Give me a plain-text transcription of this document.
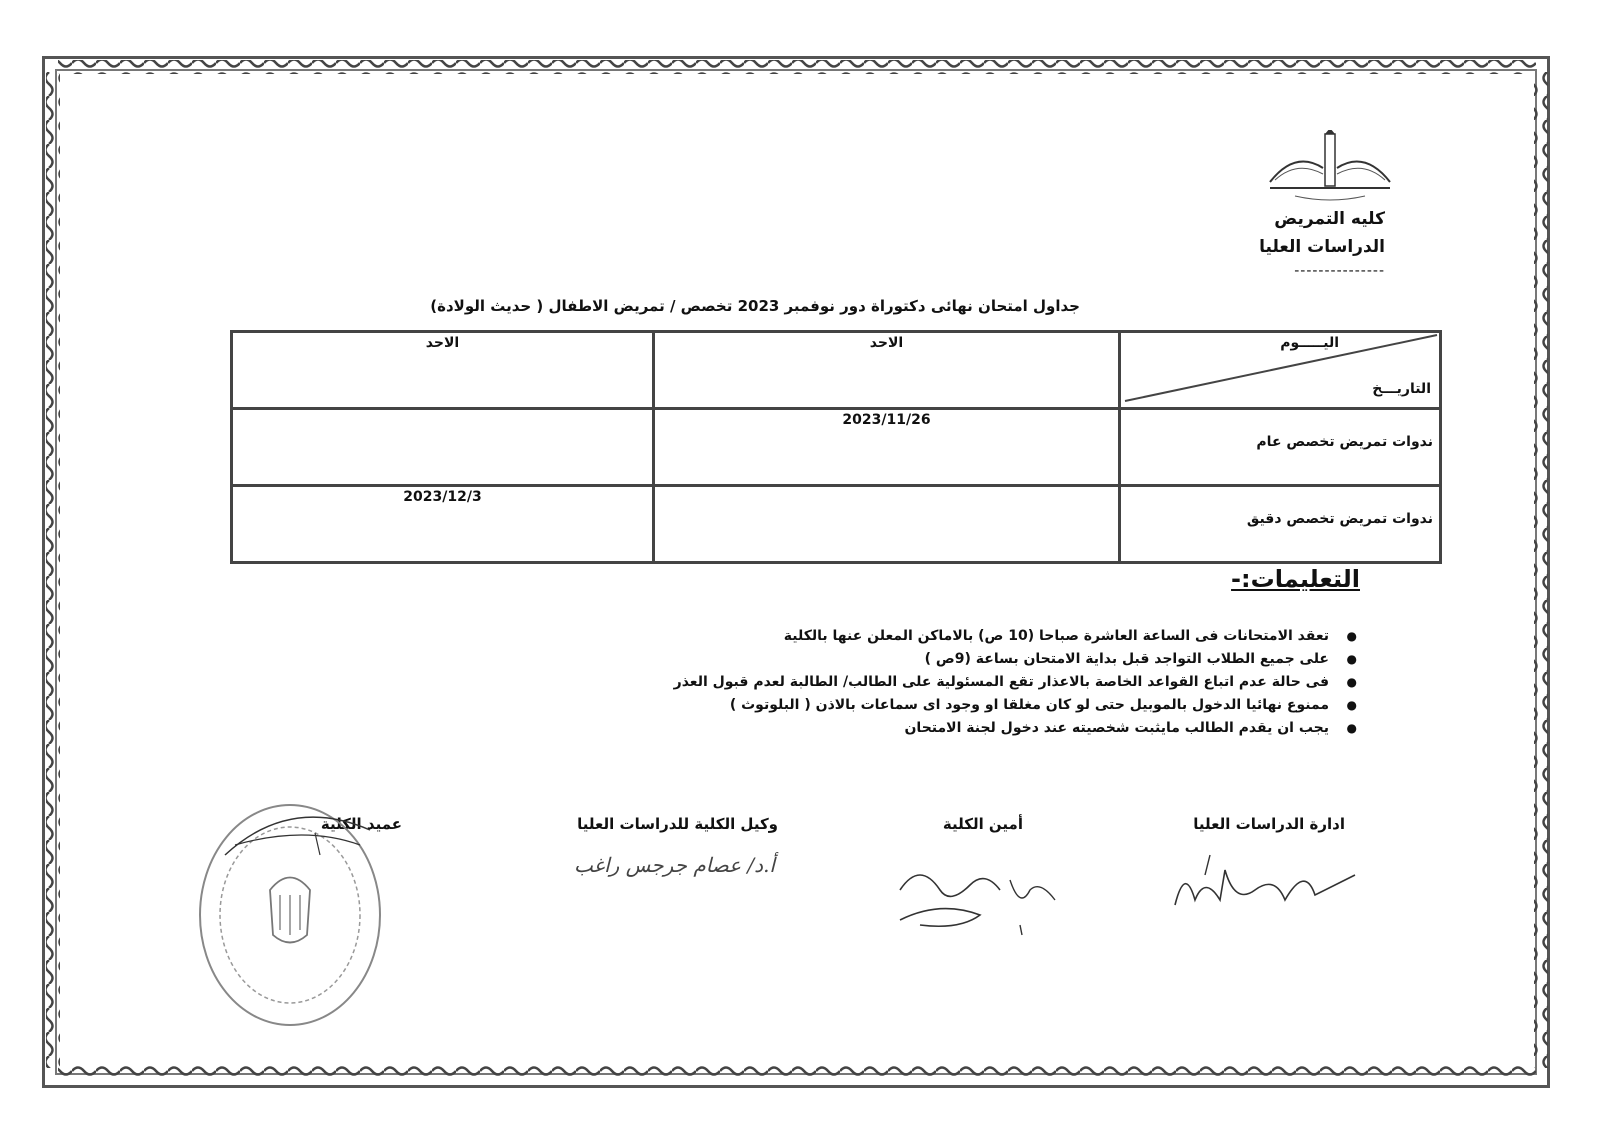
كليه التمريض
الدراسات العليا
---------------
جداول امتحان نهائى دكتوراة دور نوفمبر 2023 تخصص / تمريض الاطفال ( حديث الولادة)
اليـــــوم
التاريـــخ	الاحد	الاحد
ندوات تمريض تخصص عام	2023/11/26	
ندوات تمريض تخصص دقيق		2023/12/3
التعليمات:-
●
تعقد الامتحانات فى الساعة العاشرة صباحا (10 ص) بالاماكن المعلن عنها بالكلية
●
على جميع الطلاب التواجد قبل بداية الامتحان بساعة (9ص )
●
فى حالة عدم اتباع القواعد الخاصة بالاعذار تقع المسئولية على الطالب/ الطالبة لعدم قبول العذر
●
ممنوع نهائيا الدخول بالموبيل حتى لو كان مغلقا او وجود اى سماعات بالاذن ( البلوتوث )
●
يجب ان يقدم الطالب مايثبت شخصيته عند دخول لجنة الامتحان
ادارة الدراسات العليا
أمين الكلية
وكيل الكلية للدراسات العليا
عميد الكلية
أ.د/ عصام جرجس راغب
